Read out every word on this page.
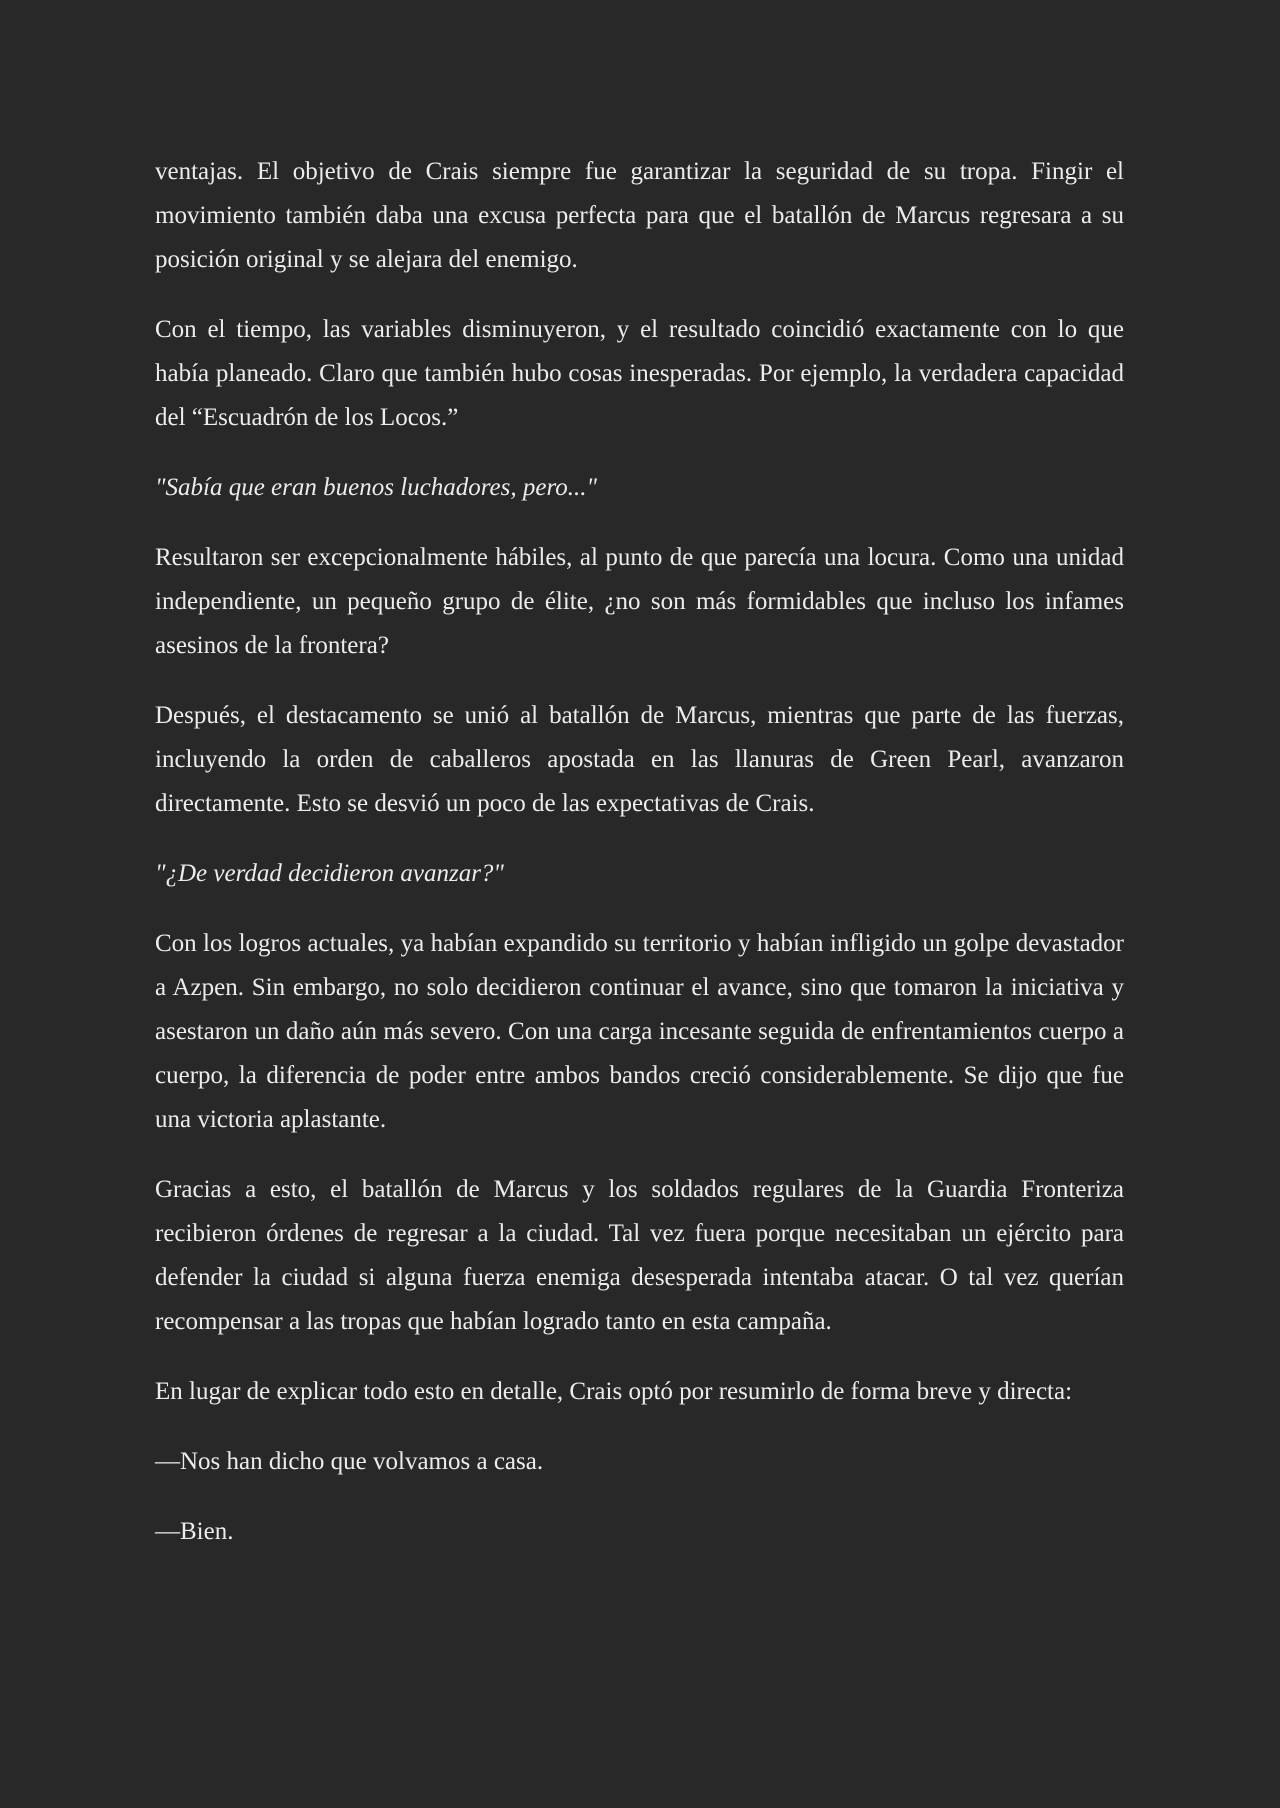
ventajas. El objetivo de Crais siempre fue garantizar la seguridad de su tropa. Fingir el movimiento también daba una excusa perfecta para que el batallón de Marcus regresara a su posición original y se alejara del enemigo.

Con el tiempo, las variables disminuyeron, y el resultado coincidió exactamente con lo que había planeado. Claro que también hubo cosas inesperadas. Por ejemplo, la verdadera capacidad del “Escuadrón de los Locos.”

"Sabía que eran buenos luchadores, pero..."

Resultaron ser excepcionalmente hábiles, al punto de que parecía una locura. Como una unidad independiente, un pequeño grupo de élite, ¿no son más formidables que incluso los infames asesinos de la frontera?

Después, el destacamento se unió al batallón de Marcus, mientras que parte de las fuerzas, incluyendo la orden de caballeros apostada en las llanuras de Green Pearl, avanzaron directamente. Esto se desvió un poco de las expectativas de Crais.

"¿De verdad decidieron avanzar?"

Con los logros actuales, ya habían expandido su territorio y habían infligido un golpe devastador a Azpen. Sin embargo, no solo decidieron continuar el avance, sino que tomaron la iniciativa y asestaron un daño aún más severo. Con una carga incesante seguida de enfrentamientos cuerpo a cuerpo, la diferencia de poder entre ambos bandos creció considerablemente. Se dijo que fue una victoria aplastante.

Gracias a esto, el batallón de Marcus y los soldados regulares de la Guardia Fronteriza recibieron órdenes de regresar a la ciudad. Tal vez fuera porque necesitaban un ejército para defender la ciudad si alguna fuerza enemiga desesperada intentaba atacar. O tal vez querían recompensar a las tropas que habían logrado tanto en esta campaña.

En lugar de explicar todo esto en detalle, Crais optó por resumirlo de forma breve y directa:

—Nos han dicho que volvamos a casa.

—Bien.
